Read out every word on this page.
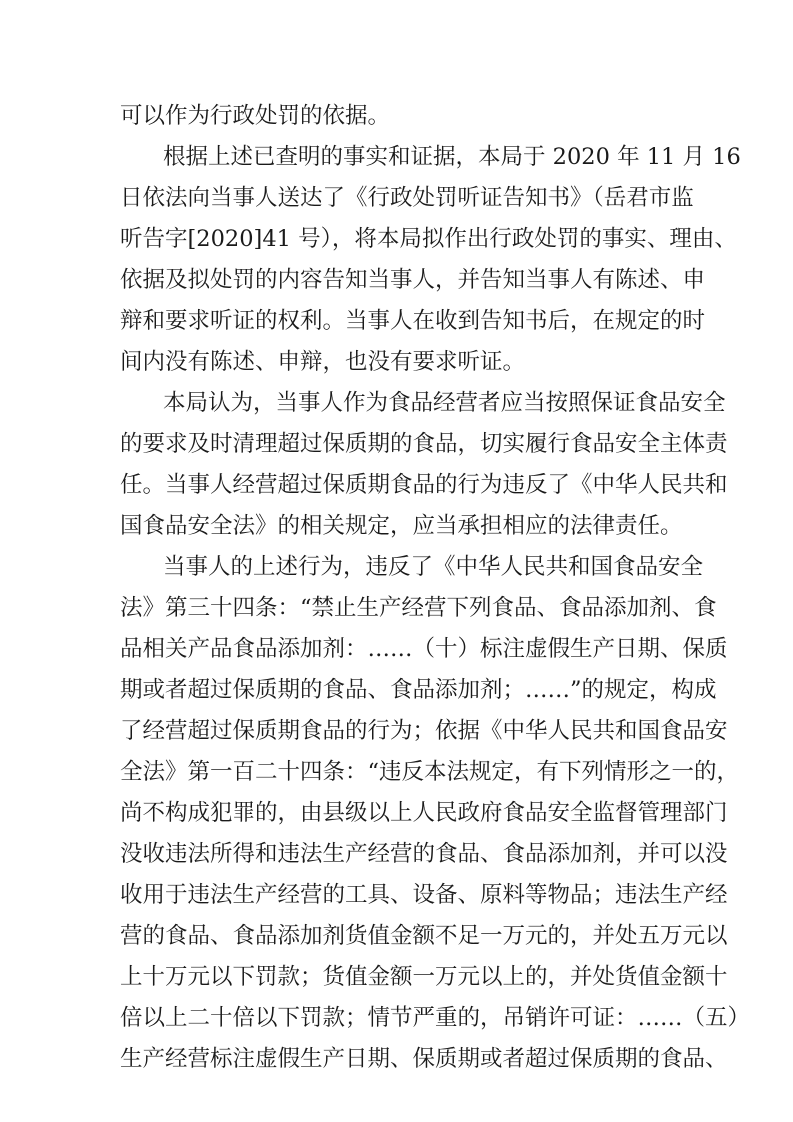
可以作为行政处罚的依据。
根据上述已查明的事实和证据，本局于 2020 年 11 月 16
日依法向当事人送达了《行政处罚听证告知书》（岳君市监
听告字[2020]41 号），将本局拟作出行政处罚的事实、理由、
依据及拟处罚的内容告知当事人，并告知当事人有陈述、申
辩和要求听证的权利。当事人在收到告知书后，在规定的时
间内没有陈述、申辩，也没有要求听证。
本局认为，当事人作为食品经营者应当按照保证食品安全
的要求及时清理超过保质期的食品，切实履行食品安全主体责
任。当事人经营超过保质期食品的行为违反了《中华人民共和
国食品安全法》的相关规定，应当承担相应的法律责任。
当事人的上述行为，违反了《中华人民共和国食品安全
法》第三十四条：“禁止生产经营下列食品、食品添加剂、食
品相关产品食品添加剂：……（十）标注虚假生产日期、保质
期或者超过保质期的食品、食品添加剂；……”的规定，构成
了经营超过保质期食品的行为；依据《中华人民共和国食品安
全法》第一百二十四条：“违反本法规定，有下列情形之一的，
尚不构成犯罪的，由县级以上人民政府食品安全监督管理部门
没收违法所得和违法生产经营的食品、食品添加剂，并可以没
收用于违法生产经营的工具、设备、原料等物品；违法生产经
营的食品、食品添加剂货值金额不足一万元的，并处五万元以
上十万元以下罚款；货值金额一万元以上的，并处货值金额十
倍以上二十倍以下罚款；情节严重的，吊销许可证：……（五）
生产经营标注虚假生产日期、保质期或者超过保质期的食品、
